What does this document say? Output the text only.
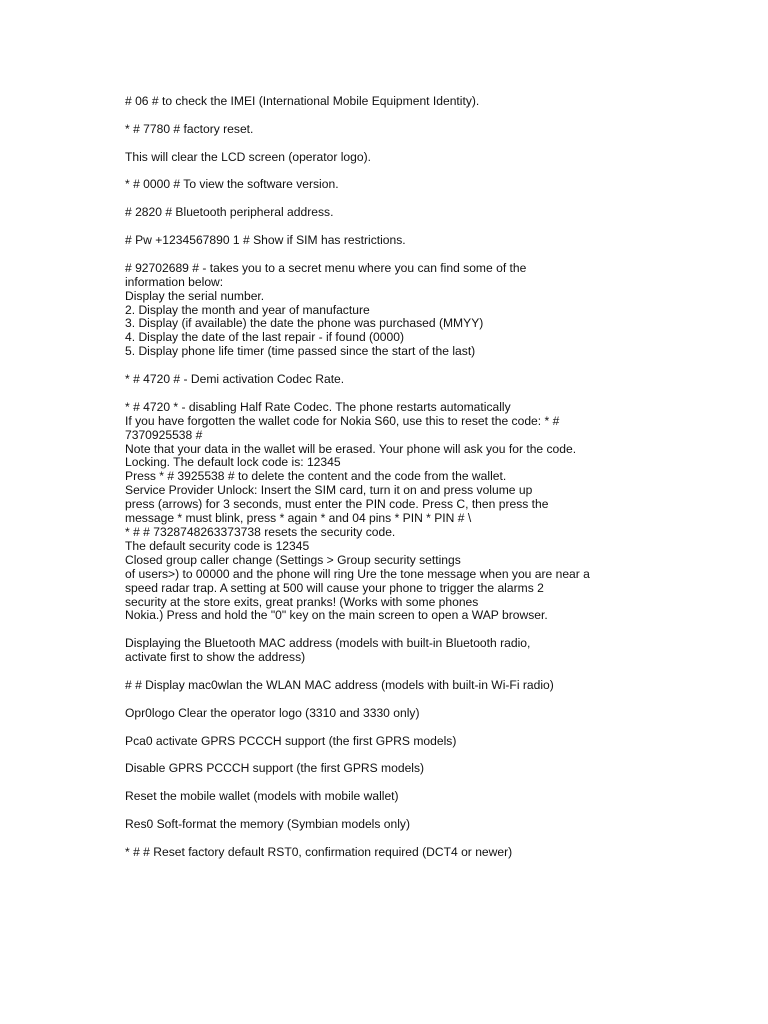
# 06 # to check the IMEI (International Mobile Equipment Identity).
* # 7780 # factory reset.
This will clear the LCD screen (operator logo).
* # 0000 # To view the software version.
# 2820 # Bluetooth peripheral address.
# Pw +1234567890 1 # Show if SIM has restrictions.
# 92702689 # - takes you to a secret menu where you can find some of the
information below:
Display the serial number.
2. Display the month and year of manufacture
3. Display (if available) the date the phone was purchased (MMYY)
4. Display the date of the last repair - if found (0000)
5. Display phone life timer (time passed since the start of the last)
* # 4720 # - Demi activation Codec Rate.
* # 4720 * - disabling Half Rate Codec. The phone restarts automatically
If you have forgotten the wallet code for Nokia S60, use this to reset the code: * #
7370925538 #
Note that your data in the wallet will be erased. Your phone will ask you for the code.
Locking. The default lock code is: 12345
Press * # 3925538 # to delete the content and the code from the wallet.
Service Provider Unlock: Insert the SIM card, turn it on and press volume up
press (arrows) for 3 seconds, must enter the PIN code. Press C, then press the
message * must blink, press * again * and 04 pins * PIN * PIN # \
* # # 7328748263373738 resets the security code.
The default security code is 12345
Closed group caller change (Settings > Group security settings
of users>) to 00000 and the phone will ring Ure the tone message when you are near a
speed radar trap. A setting at 500 will cause your phone to trigger the alarms 2
security at the store exits, great pranks! (Works with some phones
Nokia.) Press and hold the "0" key on the main screen to open a WAP browser.
Displaying the Bluetooth MAC address (models with built-in Bluetooth radio,
activate first to show the address)
# # Display mac0wlan the WLAN MAC address (models with built-in Wi-Fi radio)
Opr0logo Clear the operator logo (3310 and 3330 only)
Pca0 activate GPRS PCCCH support (the first GPRS models)
Disable GPRS PCCCH support (the first GPRS models)
Reset the mobile wallet (models with mobile wallet)
Res0 Soft-format the memory (Symbian models only)
* # # Reset factory default RST0, confirmation required (DCT4 or newer)
